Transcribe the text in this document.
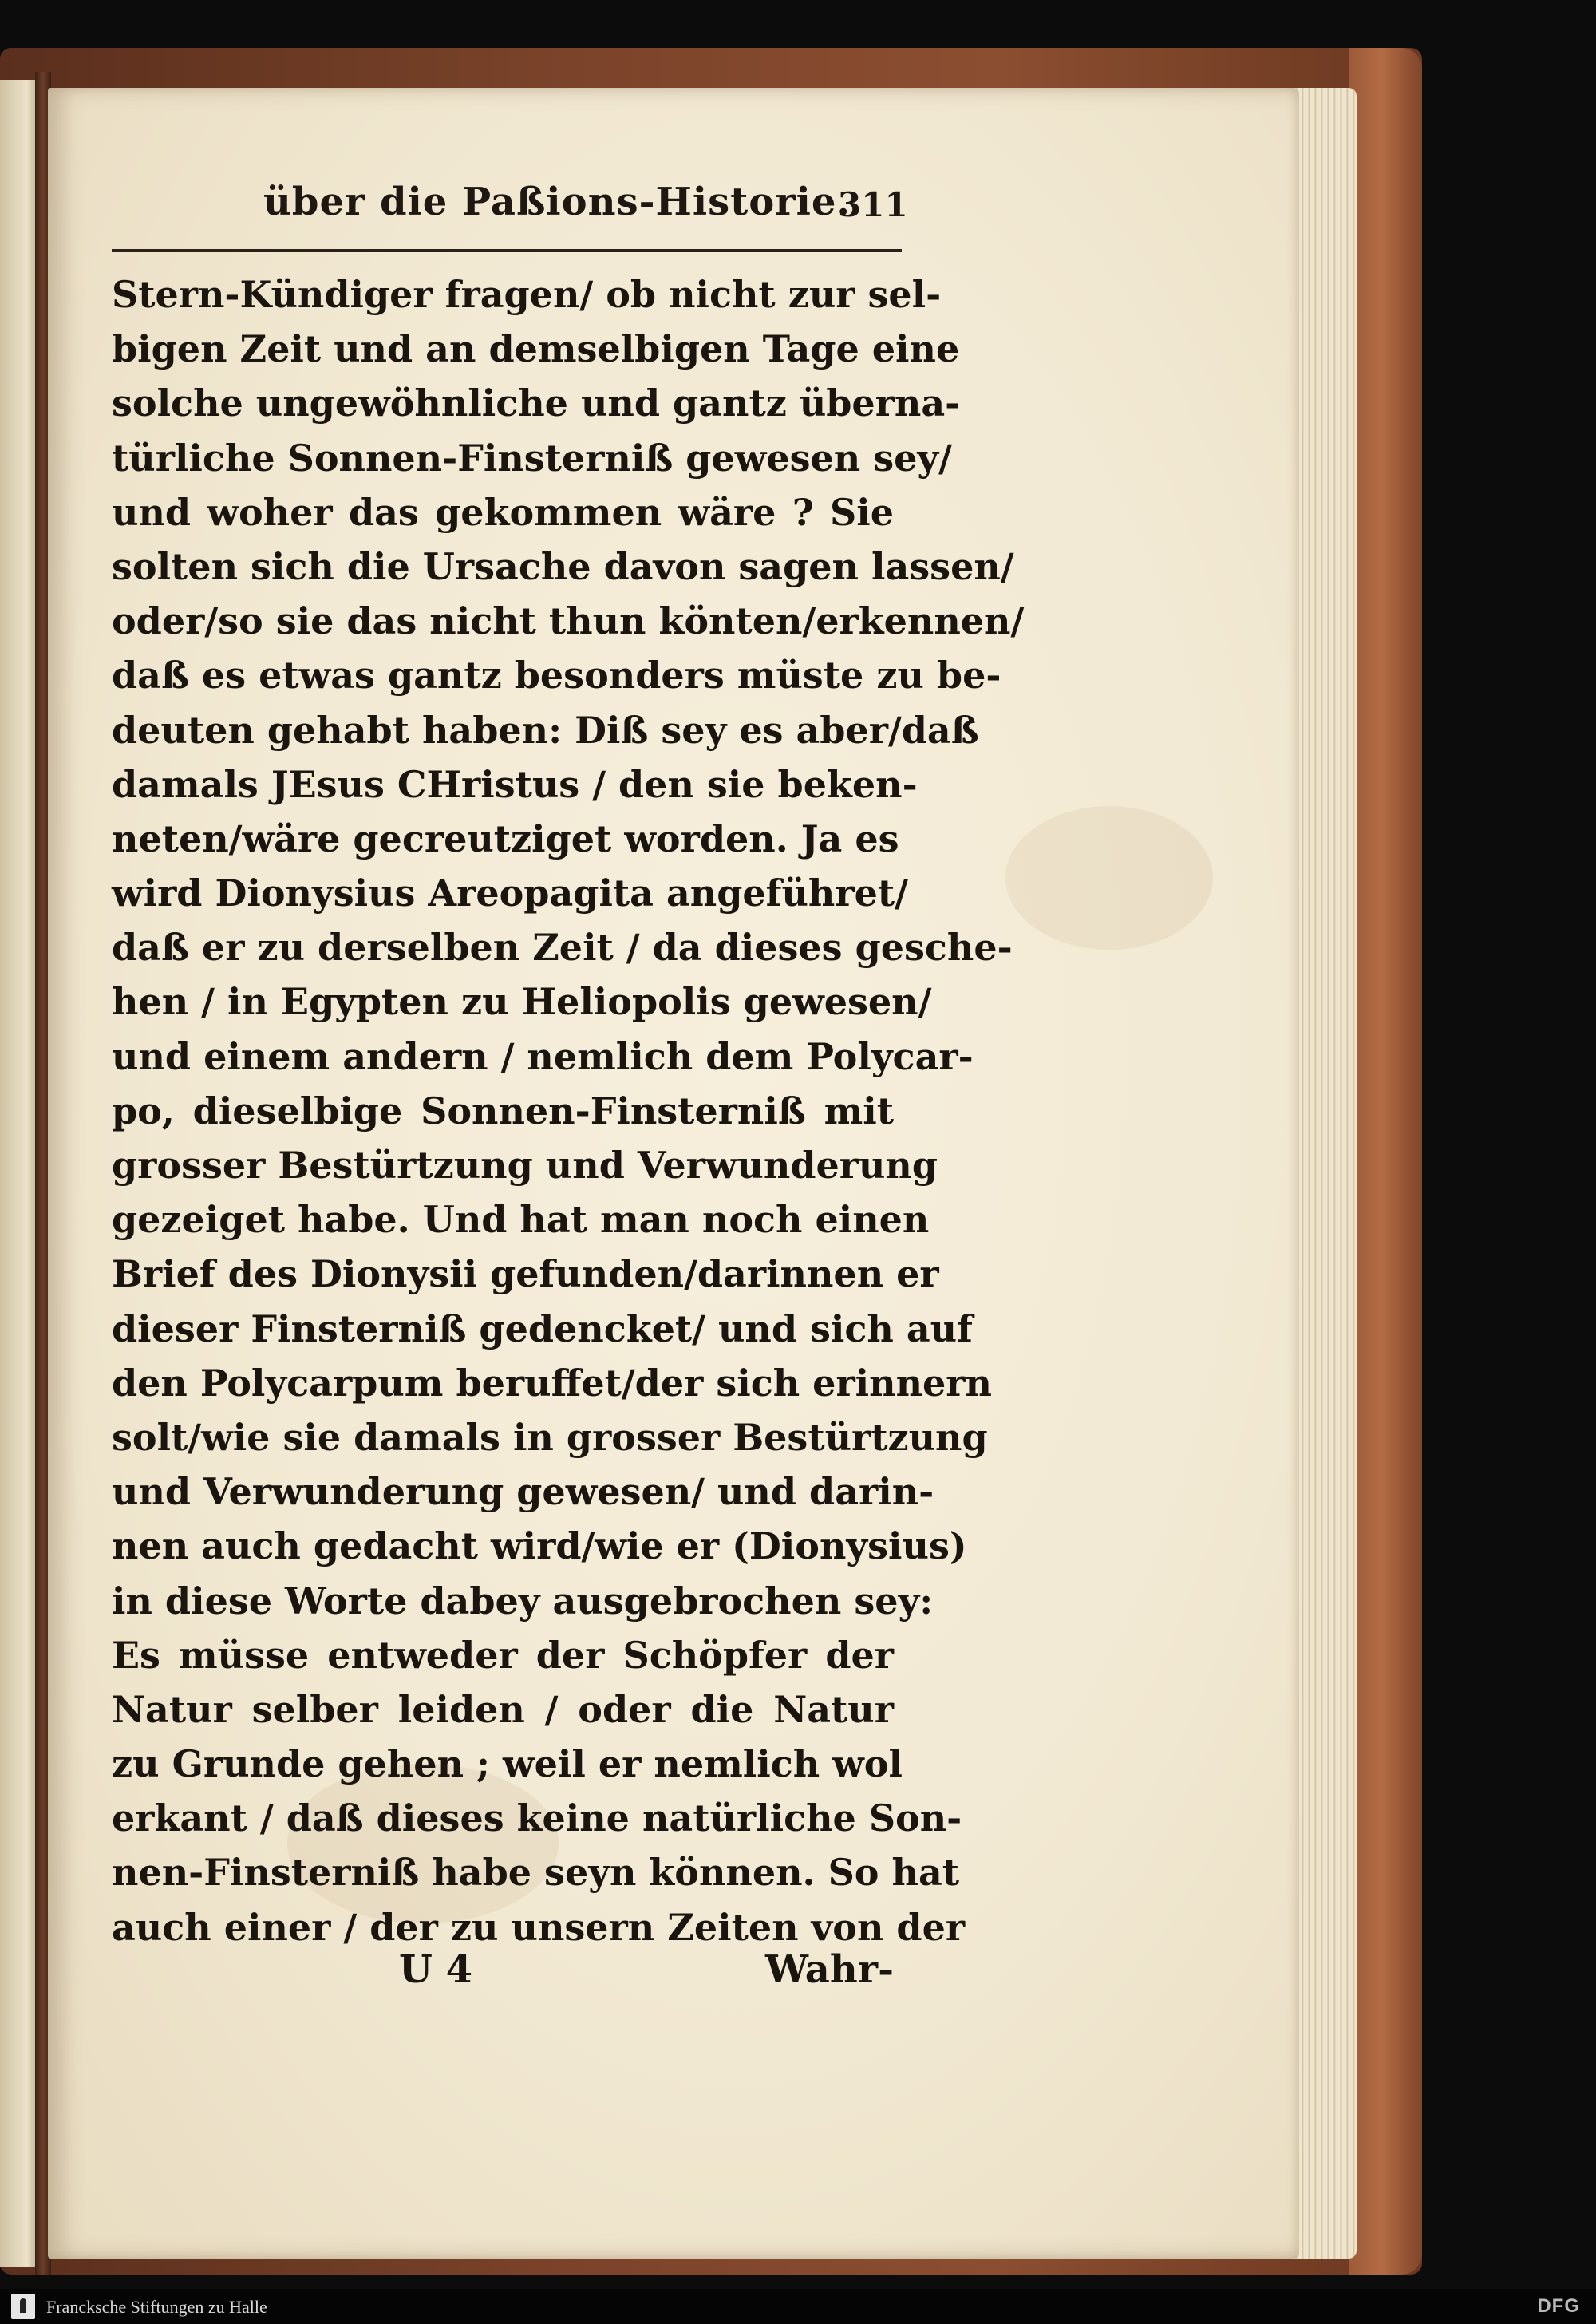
über die Paßions-Historie.
311
Stern-Kündiger fragen/ ob nicht zur sel-
bigen Zeit und an demselbigen Tage eine
solche ungewöhnliche und gantz überna-
türliche Sonnen-Finsterniß gewesen sey/
und woher das gekommen wäre ? Sie
solten sich die Ursache davon sagen lassen/
oder/so sie das nicht thun könten/erkennen/
daß es etwas gantz besonders müste zu be-
deuten gehabt haben: Diß sey es aber/daß
damals JEsus CHristus / den sie beken-
neten/wäre gecreutziget worden. Ja es
wird Dionysius Areopagita angeführet/
daß er zu derselben Zeit / da dieses gesche-
hen / in Egypten zu Heliopolis gewesen/
und einem andern / nemlich dem Polycar-
po, dieselbige Sonnen-Finsterniß mit
grosser Bestürtzung und Verwunderung
gezeiget habe. Und hat man noch einen
Brief des Dionysii gefunden/darinnen er
dieser Finsterniß gedencket/ und sich auf
den Polycarpum beruffet/der sich erinnern
solt/wie sie damals in grosser Bestürtzung
und Verwunderung gewesen/ und darin-
nen auch gedacht wird/wie er (Dionysius)
in diese Worte dabey ausgebrochen sey:
Es müsse entweder der Schöpfer der
Natur selber leiden / oder die Natur
zu Grunde gehen ; weil er nemlich wol
erkant / daß dieses keine natürliche Son-
nen-Finsterniß habe seyn können. So hat
auch einer / der zu unsern Zeiten von der
U 4	Wahr-
Francksche Stiftungen zu Halle	DFG
